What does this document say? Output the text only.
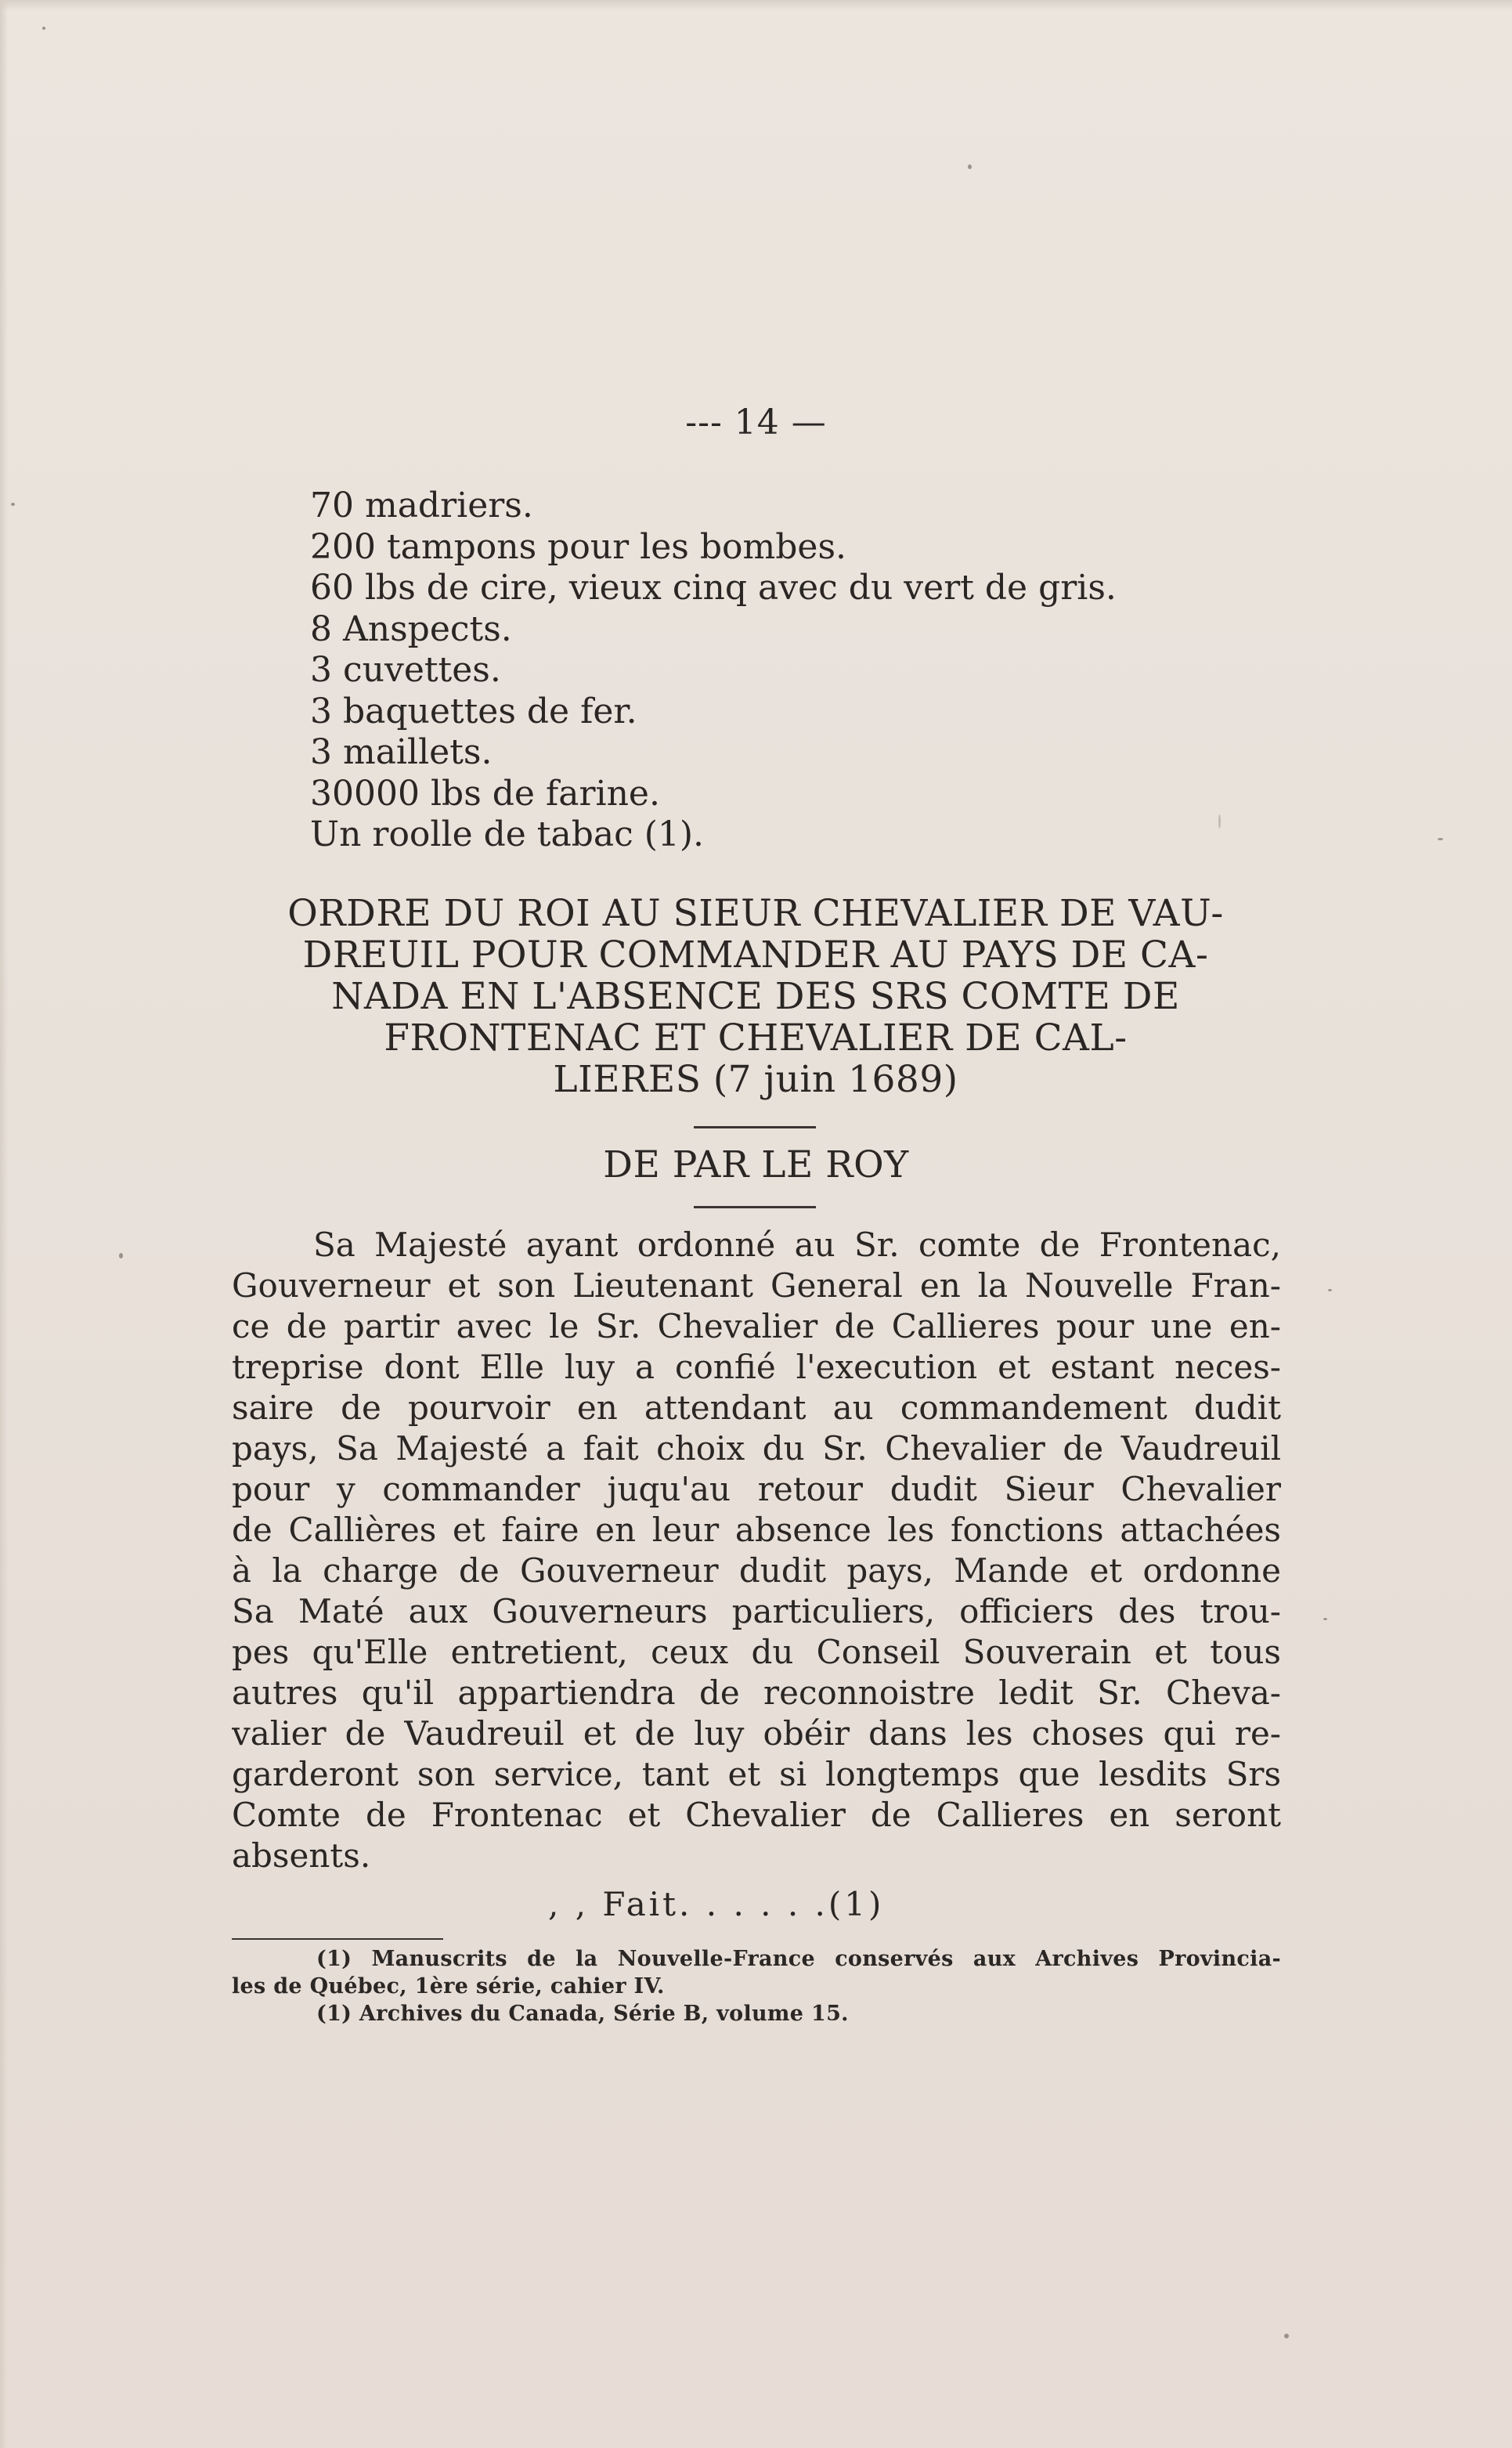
--- 14 —
70 madriers.
200 tampons pour les bombes.
60 lbs de cire, vieux cinq avec du vert de gris.
8 Anspects.
3 cuvettes.
3 baquettes de fer.
3 maillets.
30000 lbs de farine.
Un roolle de tabac (1).
ORDRE DU ROI AU SIEUR CHEVALIER DE VAU-
DREUIL POUR COMMANDER AU PAYS DE CA-
NADA EN L'ABSENCE DES SRS COMTE DE
FRONTENAC ET CHEVALIER DE CAL-
LIERES (7 juin 1689)
DE PAR LE ROY
Sa Majesté ayant ordonné au Sr. comte de Frontenac,
Gouverneur et son Lieutenant General en la Nouvelle Fran-
ce de partir avec le Sr. Chevalier de Callieres pour une en-
treprise dont Elle luy a confié l'execution et estant neces-
saire de pourvoir en attendant au commandement dudit
pays, Sa Majesté a fait choix du Sr. Chevalier de Vaudreuil
pour y commander juqu'au retour dudit Sieur Chevalier
de Callières et faire en leur absence les fonctions attachées
à la charge de Gouverneur dudit pays, Mande et ordonne
Sa Maté aux Gouverneurs particuliers, officiers des trou-
pes qu'Elle entretient, ceux du Conseil Souverain et tous
autres qu'il appartiendra de reconnoistre ledit Sr. Cheva-
valier de Vaudreuil et de luy obéir dans les choses qui re-
garderont son service, tant et si longtemps que lesdits Srs
Comte de Frontenac et Chevalier de Callieres en seront
absents.
, , Fait. . . . . .(1)
(1) Manuscrits de la Nouvelle-France conservés aux Archives Provincia-
les de Québec, 1ère série, cahier IV.
(1) Archives du Canada, Série B, volume 15.
